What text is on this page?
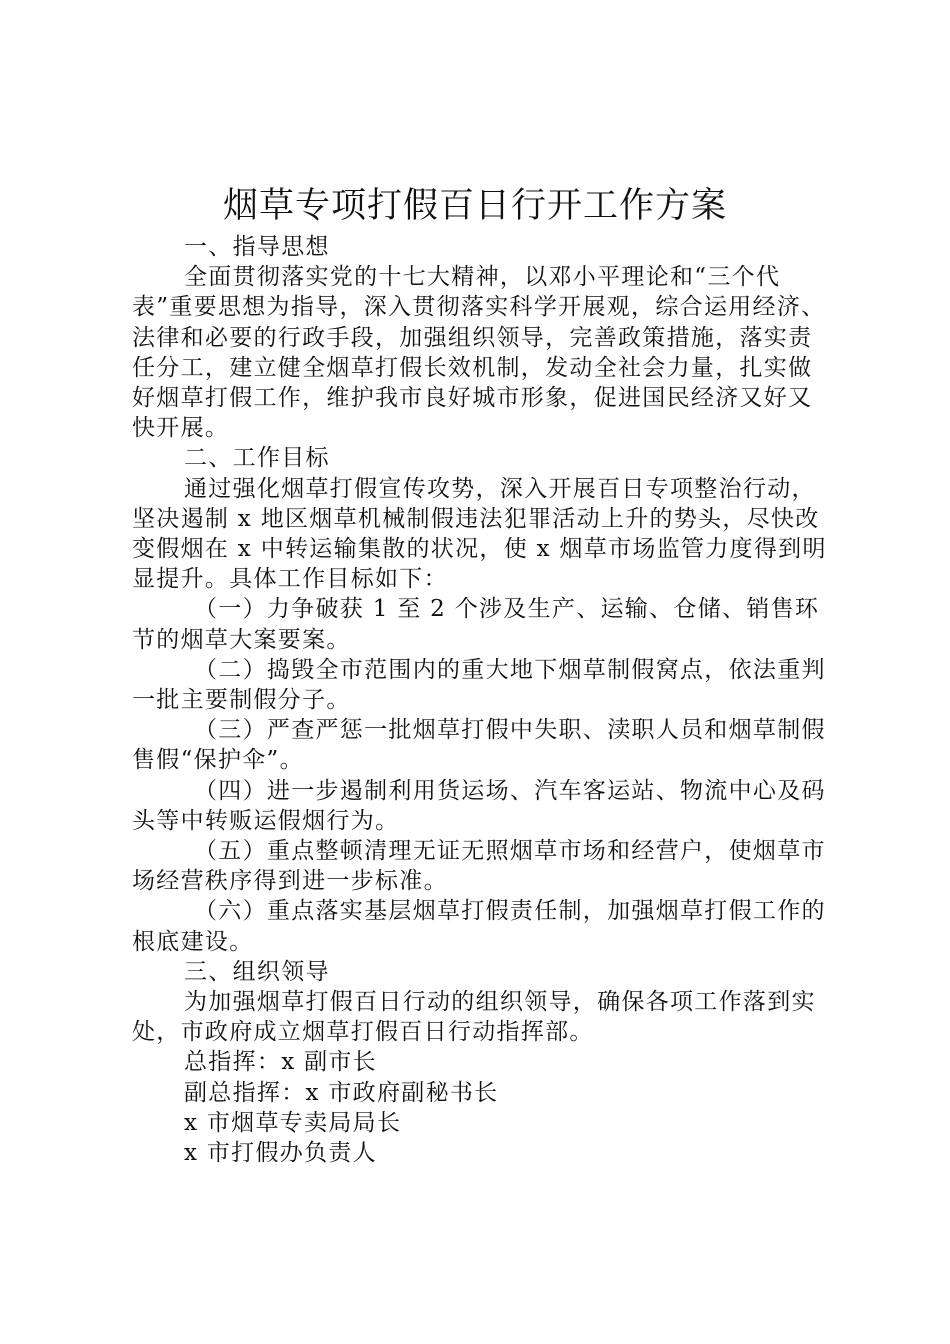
烟草专项打假百日行开工作方案

一、指导思想

全面贯彻落实党的十七大精神，以邓小平理论和“三个代表”重要思想为指导，深入贯彻落实科学开展观，综合运用经济、法律和必要的行政手段，加强组织领导，完善政策措施，落实责任分工，建立健全烟草打假长效机制，发动全社会力量，扎实做好烟草打假工作，维护我市良好城市形象，促进国民经济又好又快开展。

二、工作目标

通过强化烟草打假宣传攻势，深入开展百日专项整治行动，坚决遏制 x 地区烟草机械制假违法犯罪活动上升的势头，尽快改变假烟在 x 中转运输集散的状况，使 x 烟草市场监管力度得到明显提升。具体工作目标如下：

（一）力争破获 1 至 2 个涉及生产、运输、仓储、销售环节的烟草大案要案。

（二）捣毁全市范围内的重大地下烟草制假窝点，依法重判一批主要制假分子。

（三）严查严惩一批烟草打假中失职、渎职人员和烟草制假售假“保护伞”。

（四）进一步遏制利用货运场、汽车客运站、物流中心及码头等中转贩运假烟行为。

（五）重点整顿清理无证无照烟草市场和经营户，使烟草市场经营秩序得到进一步标准。

（六）重点落实基层烟草打假责任制，加强烟草打假工作的根底建设。

三、组织领导

为加强烟草打假百日行动的组织领导，确保各项工作落到实处，市政府成立烟草打假百日行动指挥部。

总指挥：x 副市长

副总指挥：x 市政府副秘书长

x 市烟草专卖局局长

x 市打假办负责人
